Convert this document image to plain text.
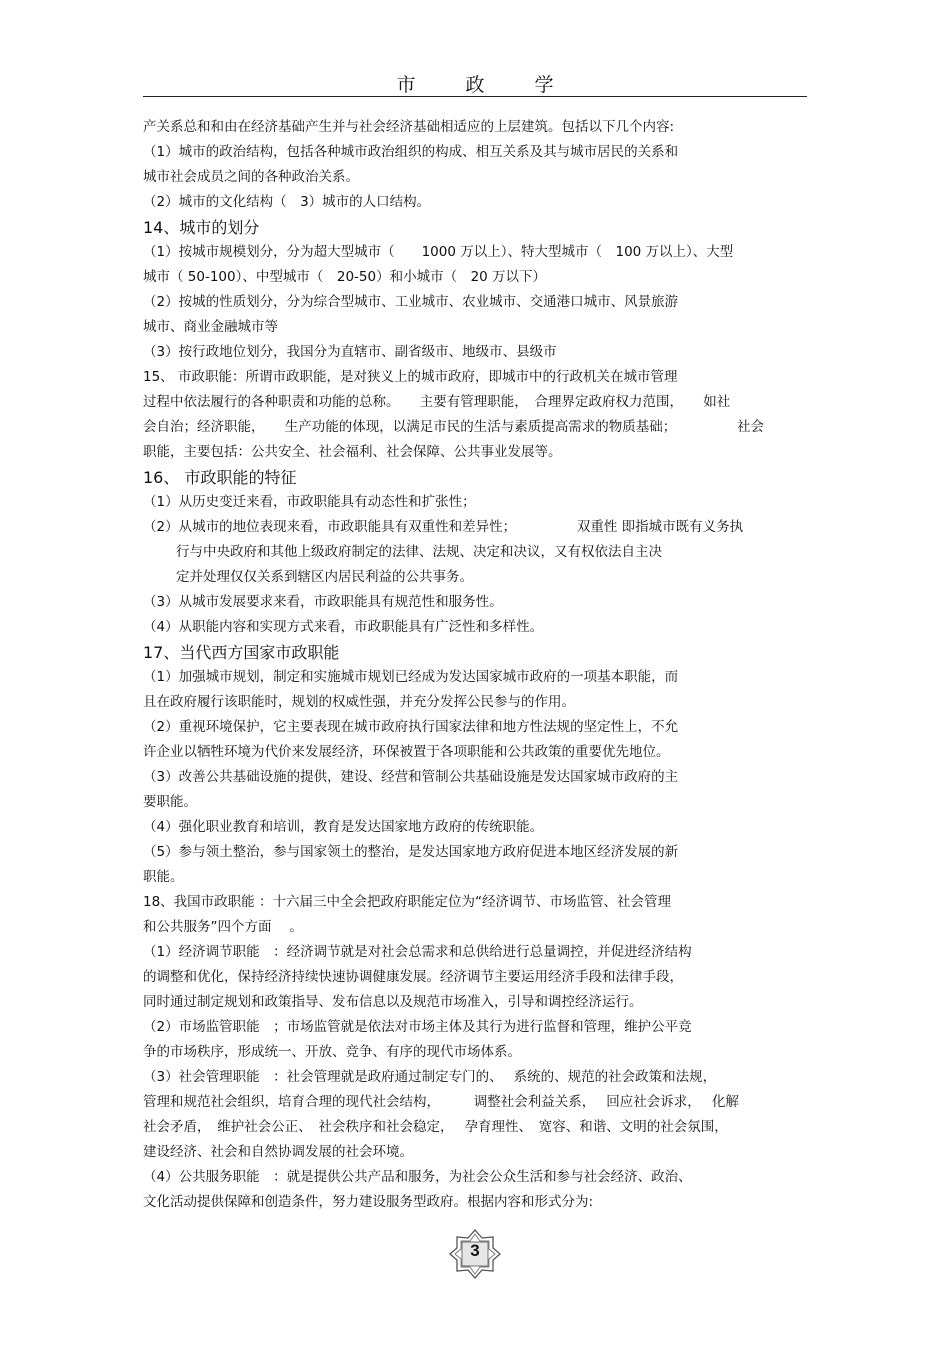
市 政 学
产关系总和和由在经济基础产生并与社会经济基础相适应的上层建筑。包括以下几个内容:
（1）城市的政治结构，包括各种城市政治组织的构成、相互关系及其与城市居民的关系和
城市社会成员之间的各种政治关系。
（2）城市的文化结构（　3）城市的人口结构。
14、城市的划分
（1）按城市规模划分，分为超大型城市（　　1000 万以上）、特大型城市（　100 万以上）、大型
城市（ 50-100）、中型城市（　20-50）和小城市（　20 万以下）
（2）按城的性质划分，分为综合型城市、工业城市、农业城市、交通港口城市、风景旅游
城市、商业金融城市等
（3）按行政地位划分，我国分为直辖市、副省级市、地级市、县级市
15、 市政职能：所谓市政职能，是对狭义上的城市政府，即城市中的行政机关在城市管理
过程中依法履行的各种职责和功能的总称。　　主要有管理职能，　合理界定政府权力范围，　　如社
会自治；经济职能，　　生产功能的体现，以满足市民的生活与素质提高需求的物质基础；　　　　　社会
职能，主要包括：公共安全、社会福利、社会保障、公共事业发展等。
16、 市政职能的特征
（1）从历史变迁来看，市政职能具有动态性和扩张性；
（2）从城市的地位表现来看，市政职能具有双重性和差异性；　　　　　双重性 即指城市既有义务执
行与中央政府和其他上级政府制定的法律、法规、决定和决议，又有权依法自主决
定并处理仅仅关系到辖区内居民利益的公共事务。
（3）从城市发展要求来看，市政职能具有规范性和服务性。
（4）从职能内容和实现方式来看，市政职能具有广泛性和多样性。
17、当代西方国家市政职能
（1）加强城市规划，制定和实施城市规划已经成为发达国家城市政府的一项基本职能，而
且在政府履行该职能时，规划的权威性强，并充分发挥公民参与的作用。
（2）重视环境保护，它主要表现在城市政府执行国家法律和地方性法规的坚定性上，不允
许企业以牺牲环境为代价来发展经济，环保被置于各项职能和公共政策的重要优先地位。
（3）改善公共基础设施的提供，建设、经营和管制公共基础设施是发达国家城市政府的主
要职能。
（4）强化职业教育和培训，教育是发达国家地方政府的传统职能。
（5）参与领土整治，参与国家领土的整治，是发达国家地方政府促进本地区经济发展的新
职能。
18、我国市政职能 ：十六届三中全会把政府职能定位为“经济调节、市场监管、社会管理
和公共服务”四个方面　 。
（1）经济调节职能　：经济调节就是对社会总需求和总供给进行总量调控，并促进经济结构
的调整和优化，保持经济持续快速协调健康发展。经济调节主要运用经济手段和法律手段，
同时通过制定规划和政策指导、发布信息以及规范市场准入，引导和调控经济运行。
（2）市场监管职能　；市场监管就是依法对市场主体及其行为进行监督和管理，维护公平竞
争的市场秩序，形成统一、开放、竞争、有序的现代市场体系。
（3）社会管理职能　：社会管理就是政府通过制定专门的、　 系统的、规范的社会政策和法规，
管理和规范社会组织，培育合理的现代社会结构，　　　调整社会利益关系，　 回应社会诉求，　 化解
社会矛盾，　维护社会公正、　社会秩序和社会稳定，　 孕育理性、　宽容、和谐、文明的社会氛围，
建设经济、社会和自然协调发展的社会环境。
（4）公共服务职能　：就是提供公共产品和服务，为社会公众生活和参与社会经济、政治、
文化活动提供保障和创造条件，努力建设服务型政府。根据内容和形式分为:
3
